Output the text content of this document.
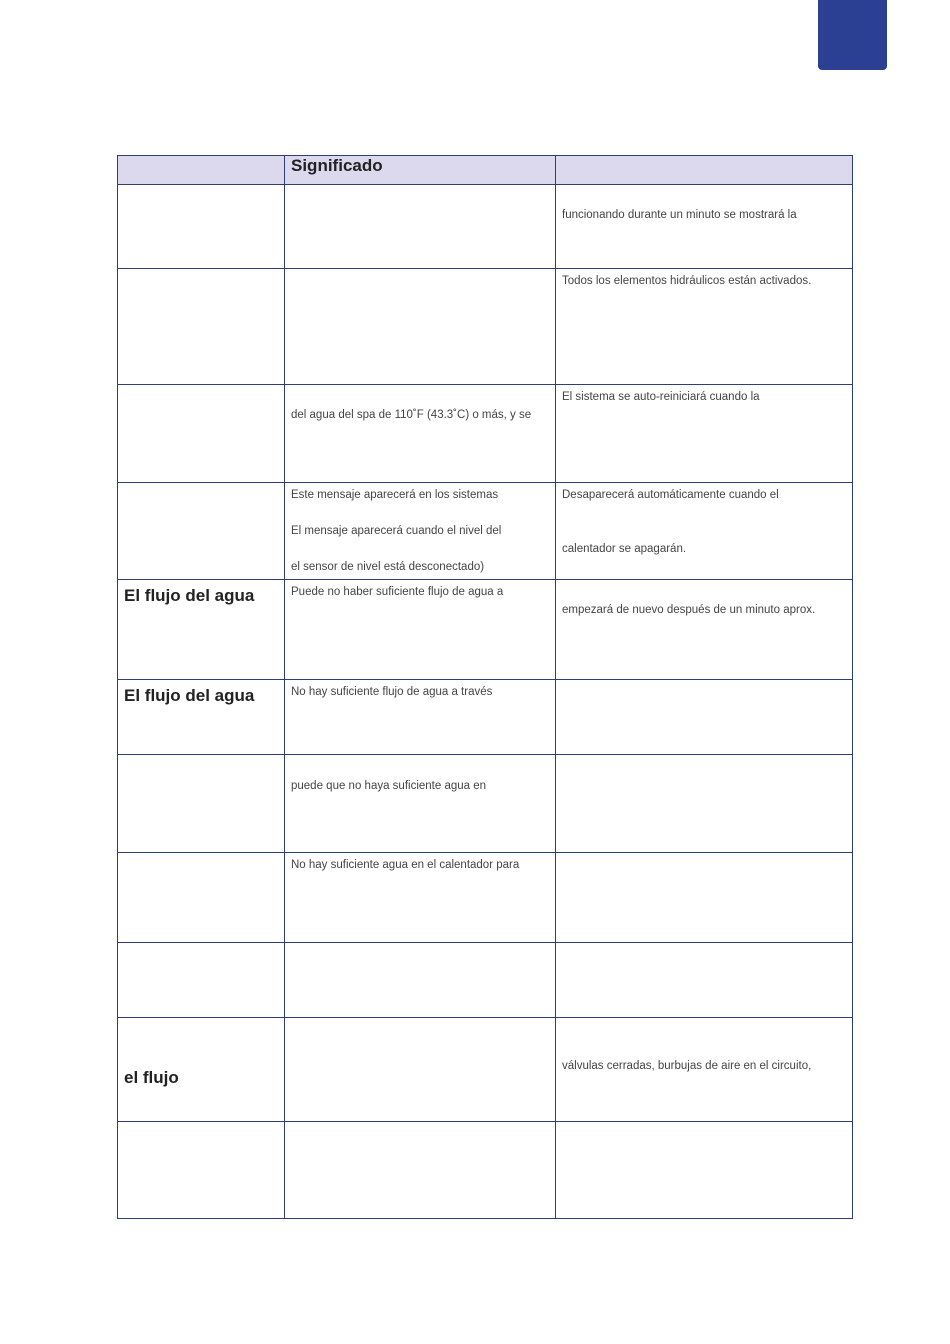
	Significado	

		funcionando durante un minuto se mostrará la

		Todos los elementos hidráulicos están activados.

	del agua del spa de 110˚F (43.3˚C) o más, y se	El sistema se auto-reiniciará cuando la

	Este mensaje aparecerá en los sistemas
El mensaje aparecerá cuando el nivel del
el sensor de nivel está desconectado)	Desaparecerá automáticamente cuando el
calentador se apagarán.

El flujo del agua	Puede no haber suficiente flujo de agua a	empezará de nuevo después de un minuto aprox.

El flujo del agua	No hay suficiente flujo de agua a través	

	puede que no haya suficiente agua en	

	No hay suficiente agua en el calentador para	

el flujo		válvulas cerradas, burbujas de aire en el circuito,
